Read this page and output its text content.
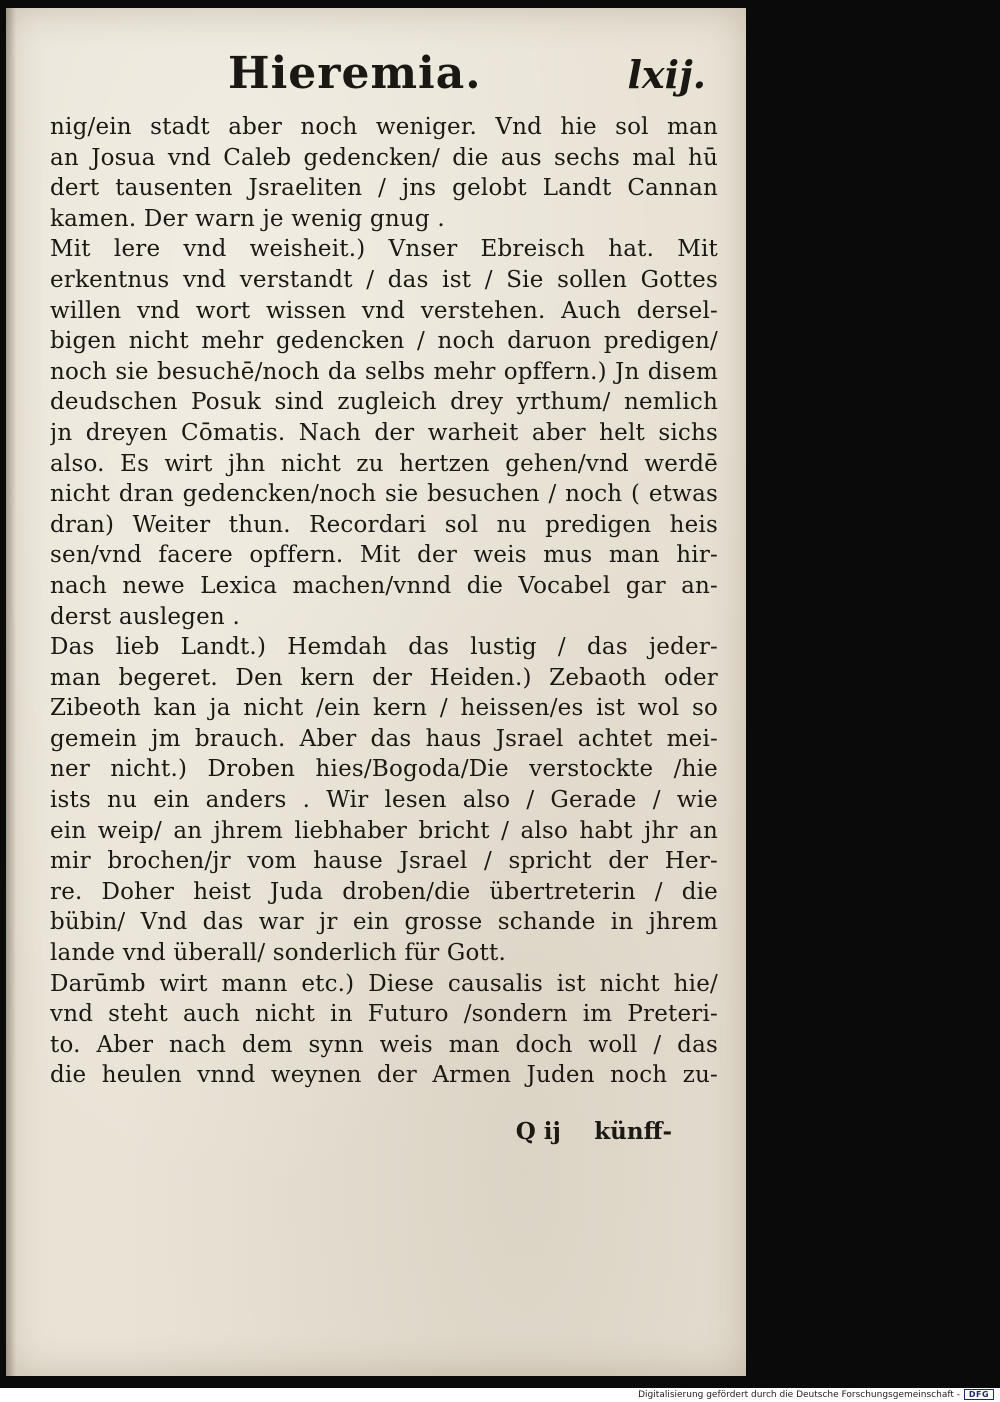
Hieremia.	lxij.
nig/ein stadt aber noch weniger. Vnd hie sol man
an Josua vnd Caleb gedencken/ die aus sechs mal hū
dert tausenten Jsraeliten / jns gelobt Landt Cannan
kamen. Der warn je wenig gnug .
Mit lere vnd weisheit.) Vnser Ebreisch hat. Mit
erkentnus vnd verstandt / das ist / Sie sollen Gottes
willen vnd wort wissen vnd verstehen. Auch dersel-
bigen nicht mehr gedencken / noch daruon predigen/
noch sie besuchē/noch da selbs mehr opffern.) Jn disem
deudschen Posuk sind zugleich drey yrthum/ nemlich
jn dreyen Cōmatis. Nach der warheit aber helt sichs
also. Es wirt jhn nicht zu hertzen gehen/vnd werdē
nicht dran gedencken/noch sie besuchen / noch ( etwas
dran) Weiter thun. Recordari sol nu predigen heis
sen/vnd facere opffern. Mit der weis mus man hir-
nach newe Lexica machen/vnnd die Vocabel gar an-
derst auslegen .
Das lieb Landt.) Hemdah das lustig / das jeder-
man begeret. Den kern der Heiden.) Zebaoth oder
Zibeoth kan ja nicht /ein kern / heissen/es ist wol so
gemein jm brauch. Aber das haus Jsrael achtet mei-
ner nicht.) Droben hies/Bogoda/Die verstockte /hie
ists nu ein anders . Wir lesen also / Gerade / wie
ein weip/ an jhrem liebhaber bricht / also habt jhr an
mir brochen/jr vom hause Jsrael / spricht der Her-
re. Doher heist Juda droben/die übertreterin / die
bübin/ Vnd das war jr ein grosse schande in jhrem
lande vnd überall/ sonderlich für Gott.
Darūmb wirt mann etc.) Diese causalis ist nicht hie/
vnd steht auch nicht in Futuro /sondern im Preteri-
to. Aber nach dem synn weis man doch woll / das
die heulen vnnd weynen der Armen Juden noch zu-
Q ij künff-
Digitalisierung gefördert durch die Deutsche Forschungsgemeinschaft -	DFG
